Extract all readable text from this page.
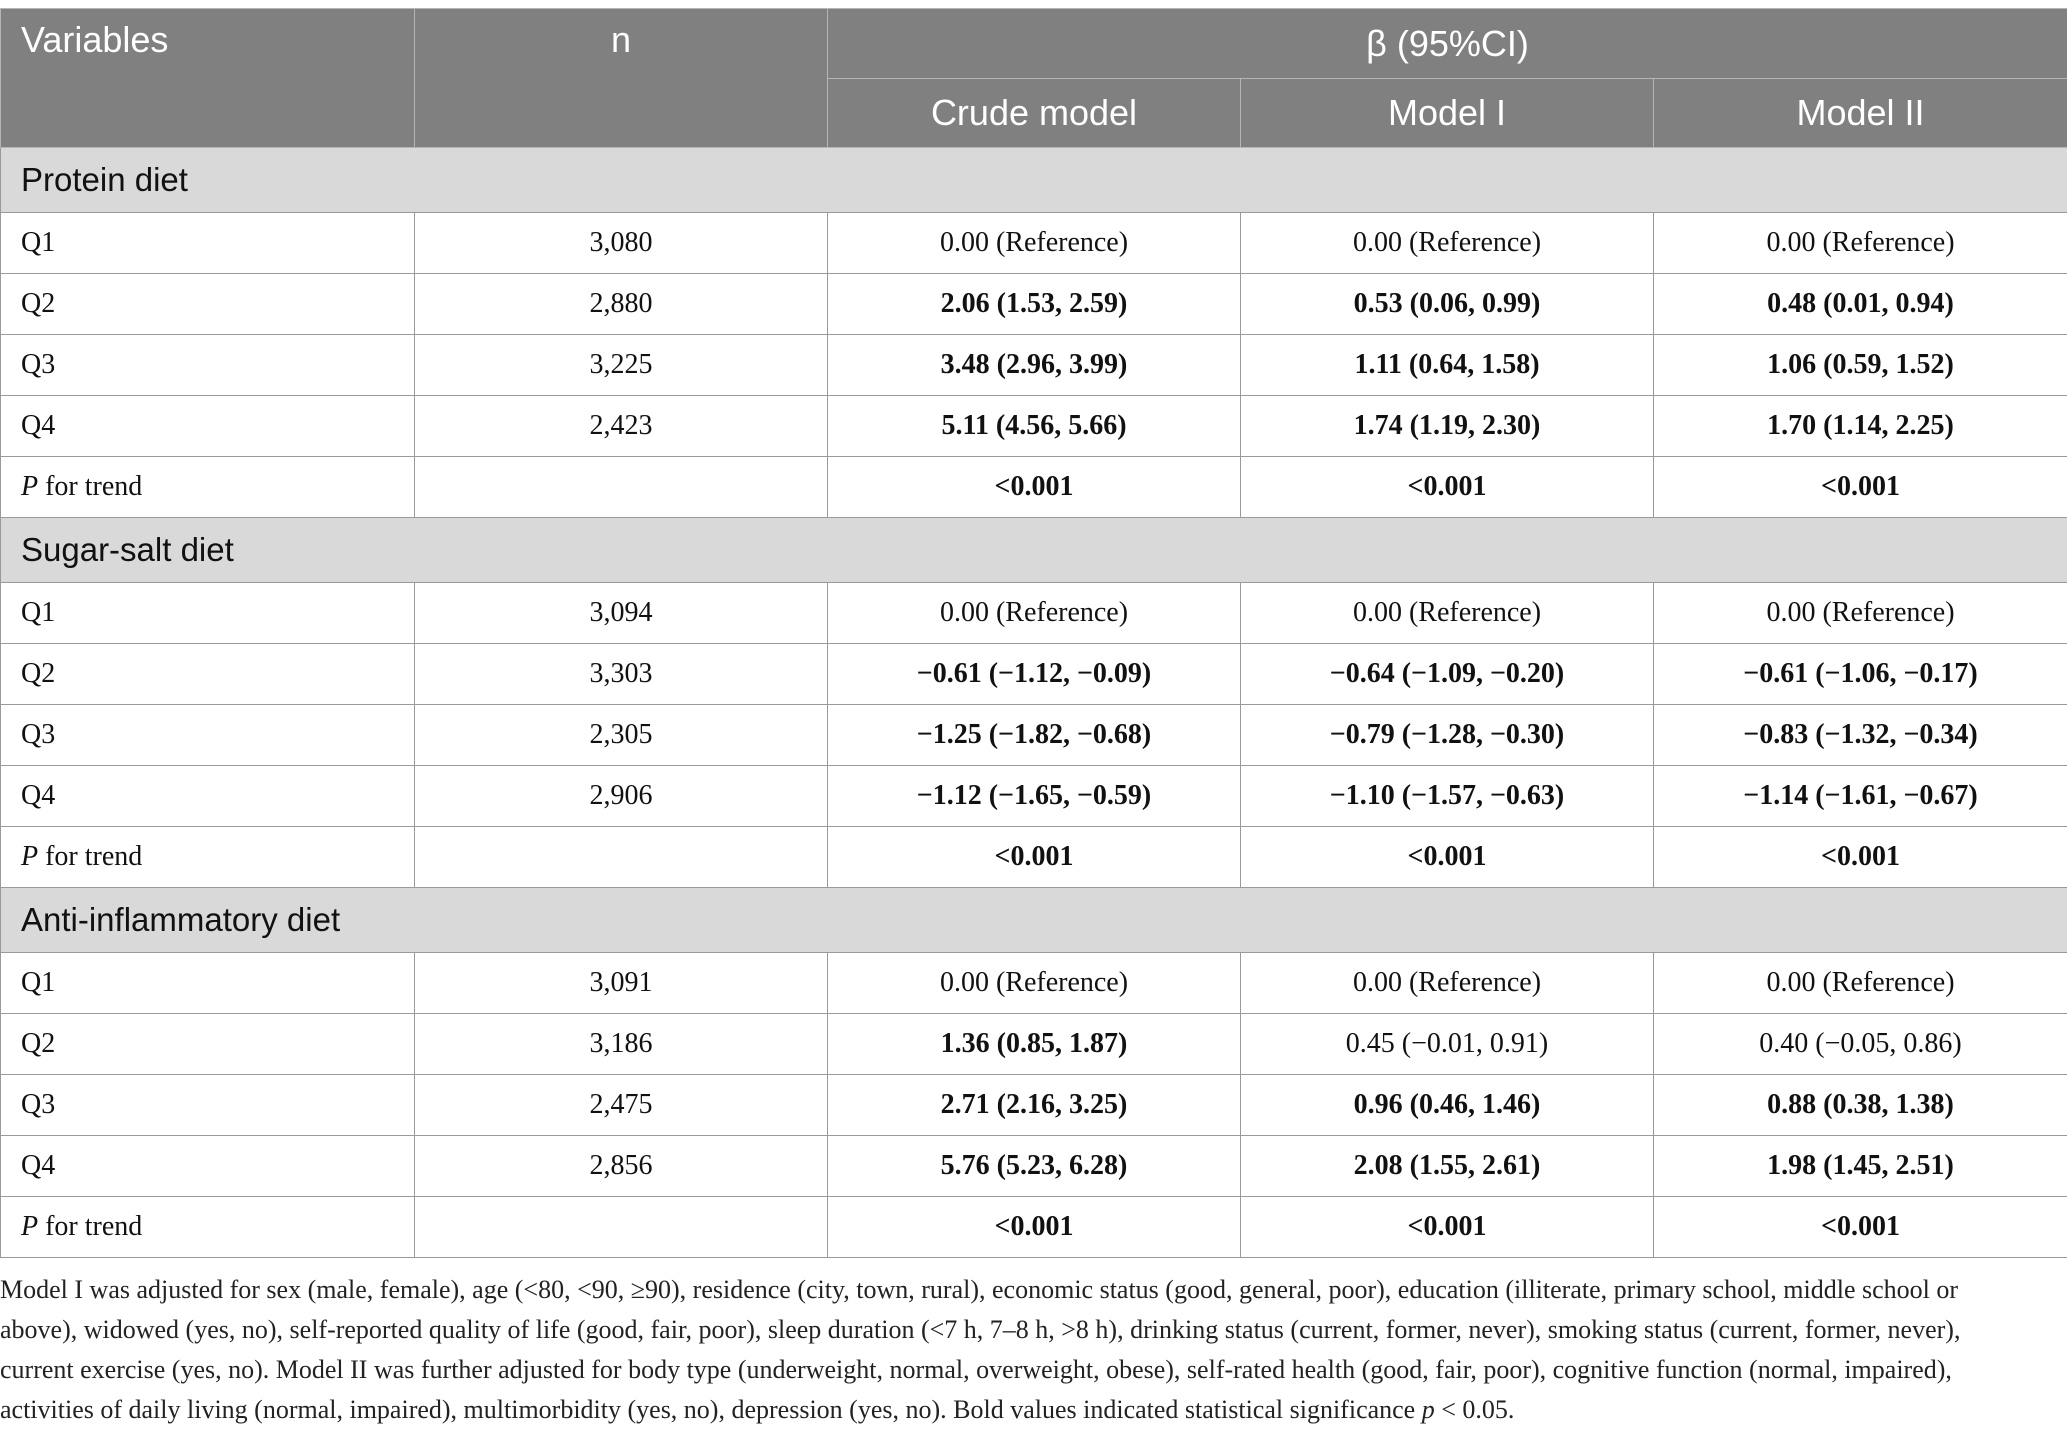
Variables	n	β (95%CI)		
		Crude model	Model I	Model II
Protein diet				
Q1	3,080	0.00 (Reference)	0.00 (Reference)	0.00 (Reference)
Q2	2,880	2.06 (1.53, 2.59)	0.53 (0.06, 0.99)	0.48 (0.01, 0.94)
Q3	3,225	3.48 (2.96, 3.99)	1.11 (0.64, 1.58)	1.06 (0.59, 1.52)
Q4	2,423	5.11 (4.56, 5.66)	1.74 (1.19, 2.30)	1.70 (1.14, 2.25)
P for trend		<0.001	<0.001	<0.001
Sugar-salt diet				
Q1	3,094	0.00 (Reference)	0.00 (Reference)	0.00 (Reference)
Q2	3,303	−0.61 (−1.12, −0.09)	−0.64 (−1.09, −0.20)	−0.61 (−1.06, −0.17)
Q3	2,305	−1.25 (−1.82, −0.68)	−0.79 (−1.28, −0.30)	−0.83 (−1.32, −0.34)
Q4	2,906	−1.12 (−1.65, −0.59)	−1.10 (−1.57, −0.63)	−1.14 (−1.61, −0.67)
P for trend		<0.001	<0.001	<0.001
Anti-inflammatory diet				
Q1	3,091	0.00 (Reference)	0.00 (Reference)	0.00 (Reference)
Q2	3,186	1.36 (0.85, 1.87)	0.45 (−0.01, 0.91)	0.40 (−0.05, 0.86)
Q3	2,475	2.71 (2.16, 3.25)	0.96 (0.46, 1.46)	0.88 (0.38, 1.38)
Q4	2,856	5.76 (5.23, 6.28)	2.08 (1.55, 2.61)	1.98 (1.45, 2.51)
P for trend		<0.001	<0.001	<0.001
Model I was adjusted for sex (male, female), age (<80, <90, ≥90), residence (city, town, rural), economic status (good, general, poor), education (illiterate, primary school, middle school or above), widowed (yes, no), self-reported quality of life (good, fair, poor), sleep duration (<7 h, 7–8 h, >8 h), drinking status (current, former, never), smoking status (current, former, never), current exercise (yes, no). Model II was further adjusted for body type (underweight, normal, overweight, obese), self-rated health (good, fair, poor), cognitive function (normal, impaired), activities of daily living (normal, impaired), multimorbidity (yes, no), depression (yes, no). Bold values indicated statistical significance p < 0.05.
